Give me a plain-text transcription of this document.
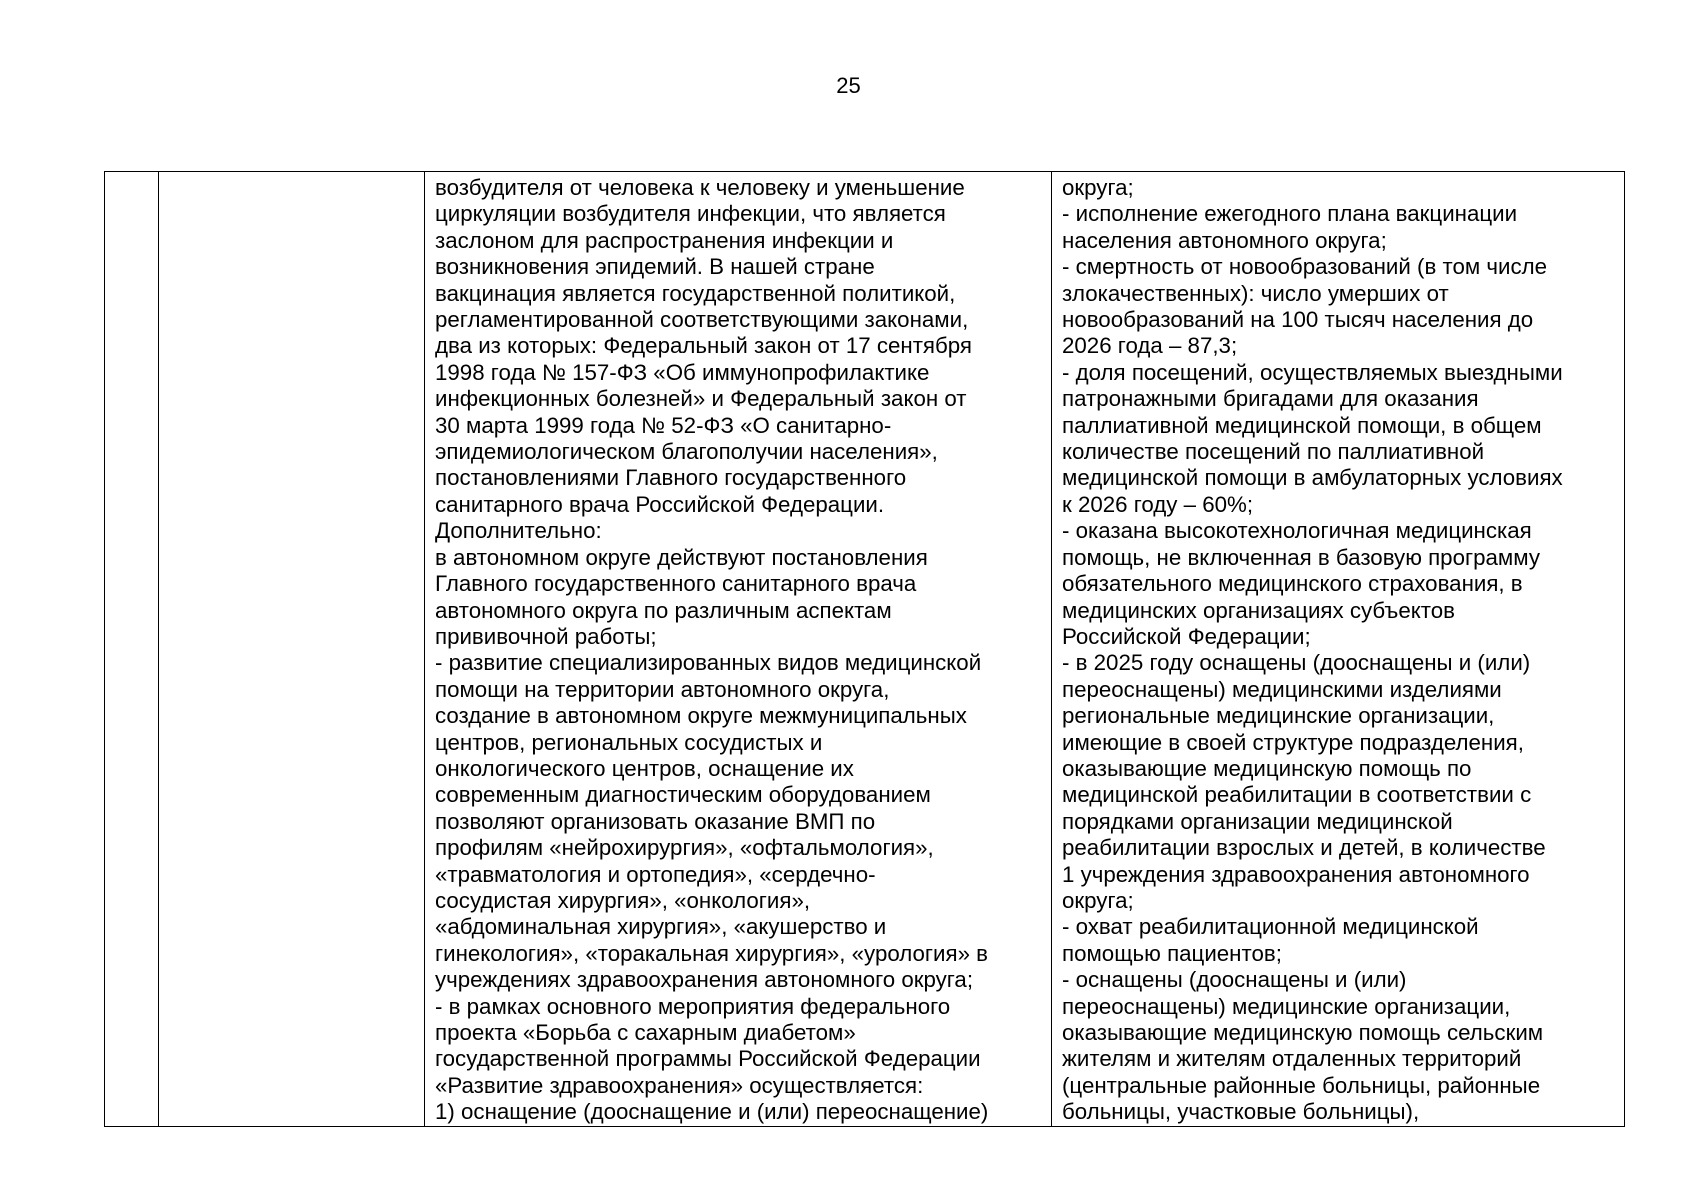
25

возбудителя от человека к человеку и уменьшение
циркуляции возбудителя инфекции, что является
заслоном для распространения инфекции и
возникновения эпидемий. В нашей стране
вакцинация является государственной политикой,
регламентированной соответствующими законами,
два из которых: Федеральный закон от 17 сентября
1998 года № 157-ФЗ «Об иммунопрофилактике
инфекционных болезней» и Федеральный закон от
30 марта 1999 года № 52-ФЗ «О санитарно-
эпидемиологическом благополучии населения»,
постановлениями Главного государственного
санитарного врача Российской Федерации.
Дополнительно:
в автономном округе действуют постановления
Главного государственного санитарного врача
автономного округа по различным аспектам
прививочной работы;
- развитие специализированных видов медицинской
помощи на территории автономного округа,
создание в автономном округе межмуниципальных
центров, региональных сосудистых и
онкологического центров, оснащение их
современным диагностическим оборудованием
позволяют организовать оказание ВМП по
профилям «нейрохирургия», «офтальмология»,
«травматология и ортопедия», «сердечно-
сосудистая хирургия», «онкология»,
«абдоминальная хирургия», «акушерство и
гинекология», «торакальная хирургия», «урология» в
учреждениях здравоохранения автономного округа;
- в рамках основного мероприятия федерального
проекта «Борьба с сахарным диабетом»
государственной программы Российской Федерации
«Развитие здравоохранения» осуществляется:
1) оснащение (дооснащение и (или) переоснащение)

округа;
- исполнение ежегодного плана вакцинации
населения автономного округа;
- смертность от новообразований (в том числе
злокачественных): число умерших от
новообразований на 100 тысяч населения до
2026 года – 87,3;
- доля посещений, осуществляемых выездными
патронажными бригадами для оказания
паллиативной медицинской помощи, в общем
количестве посещений по паллиативной
медицинской помощи в амбулаторных условиях
к 2026 году – 60%;
- оказана высокотехнологичная медицинская
помощь, не включенная в базовую программу
обязательного медицинского страхования, в
медицинских организациях субъектов
Российской Федерации;
- в 2025 году оснащены (дооснащены и (или)
переоснащены) медицинскими изделиями
региональные медицинские организации,
имеющие в своей структуре подразделения,
оказывающие медицинскую помощь по
медицинской реабилитации в соответствии с
порядками организации медицинской
реабилитации взрослых и детей, в количестве
1 учреждения здравоохранения автономного
округа;
- охват реабилитационной медицинской
помощью пациентов;
- оснащены (дооснащены и (или)
переоснащены) медицинские организации,
оказывающие медицинскую помощь сельским
жителям и жителям отдаленных территорий
(центральные районные больницы, районные
больницы, участковые больницы),
